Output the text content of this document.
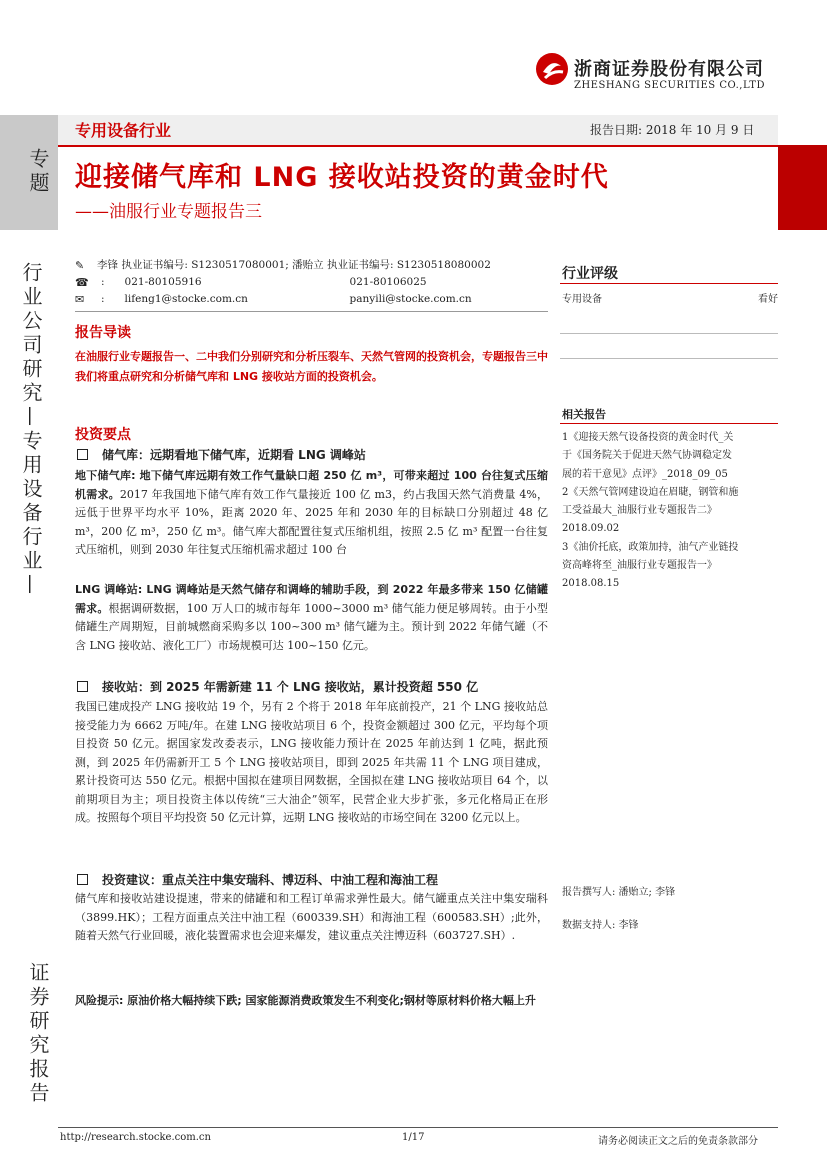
浙商证券股份有限公司
ZHESHANG SECURITIES CO.,LTD
专用设备行业	报告日期: 2018 年 10 月 9 日
迎接储气库和 LNG 接收站投资的黄金时代
——油服行业专题报告三
专题
行业公司研究—专用设备行业—
证券研究报告
✎	李锋 执业证书编号: S1230517080001; 潘贻立 执业证书编号: S1230518080002
☎	: 021-80105916	021-80106025
✉	: lifeng1@stocke.com.cn	panyili@stocke.com.cn
报告导读
在油服行业专题报告一、二中我们分别研究和分析压裂车、天然气管网的投资机会，专题报告三中我们将重点研究和分析储气库和 LNG 接收站方面的投资机会。
投资要点
储气库：远期看地下储气库，近期看 LNG 调峰站
地下储气库: 地下储气库远期有效工作气量缺口超 250 亿 m³，可带来超过 100 台往复式压缩机需求。2017 年我国地下储气库有效工作气量接近 100 亿 m3，约占我国天然气消费量 4%，远低于世界平均水平 10%，距离 2020 年、2025 年和 2030 年的目标缺口分别超过 48 亿 m³，200 亿 m³，250 亿 m³。储气库大都配置往复式压缩机组，按照 2.5 亿 m³ 配置一台往复式压缩机，则到 2030 年往复式压缩机需求超过 100 台
LNG 调峰站: LNG 调峰站是天然气储存和调峰的辅助手段，到 2022 年最多带来 150 亿储罐需求。根据调研数据，100 万人口的城市每年 1000~3000 m³ 储气能力便足够周转。由于小型储罐生产周期短，目前城燃商采购多以 100~300 m³ 储气罐为主。预计到 2022 年储气罐（不含 LNG 接收站、液化工厂）市场规模可达 100~150 亿元。
接收站：到 2025 年需新建 11 个 LNG 接收站，累计投资超 550 亿
我国已建成投产 LNG 接收站 19 个，另有 2 个将于 2018 年年底前投产，21 个 LNG 接收站总接受能力为 6662 万吨/年。在建 LNG 接收站项目 6 个，投资金额超过 300 亿元，平均每个项目投资 50 亿元。据国家发改委表示，LNG 接收能力预计在 2025 年前达到 1 亿吨，据此预测，到 2025 年仍需新开工 5 个 LNG 接收站项目，即到 2025 年共需 11 个 LNG 项目建成，累计投资可达 550 亿元。根据中国拟在建项目网数据，全国拟在建 LNG 接收站项目 64 个，以前期项目为主；项目投资主体以传统“三大油企”领军，民营企业大步扩张，多元化格局正在形成。按照每个项目平均投资 50 亿元计算，远期 LNG 接收站的市场空间在 3200 亿元以上。
投资建议：重点关注中集安瑞科、博迈科、中油工程和海油工程
储气库和接收站建设提速，带来的储罐和和工程订单需求弹性最大。储气罐重点关注中集安瑞科（3899.HK）；工程方面重点关注中油工程（600339.SH）和海油工程（600583.SH）;此外，随着天然气行业回暖，液化装置需求也会迎来爆发，建议重点关注博迈科（603727.SH）.
风险提示: 原油价格大幅持续下跌; 国家能源消费政策发生不利变化;钢材等原材料价格大幅上升
行业评级
专用设备	看好
相关报告
1《迎接天然气设备投资的黄金时代_关
于《国务院关于促进天然气协调稳定发
展的若干意见》点评》_2018_09_05
2《天然气管网建设迫在眉睫，钢管和施
工受益最大_油服行业专题报告二》
2018.09.02
3《油价托底，政策加持，油气产业链投
资高峰将至_油服行业专题报告一》
2018.08.15
报告撰写人: 潘贻立; 李锋
数据支持人: 李锋
http://research.stocke.com.cn	1/17	请务必阅读正文之后的免责条款部分
